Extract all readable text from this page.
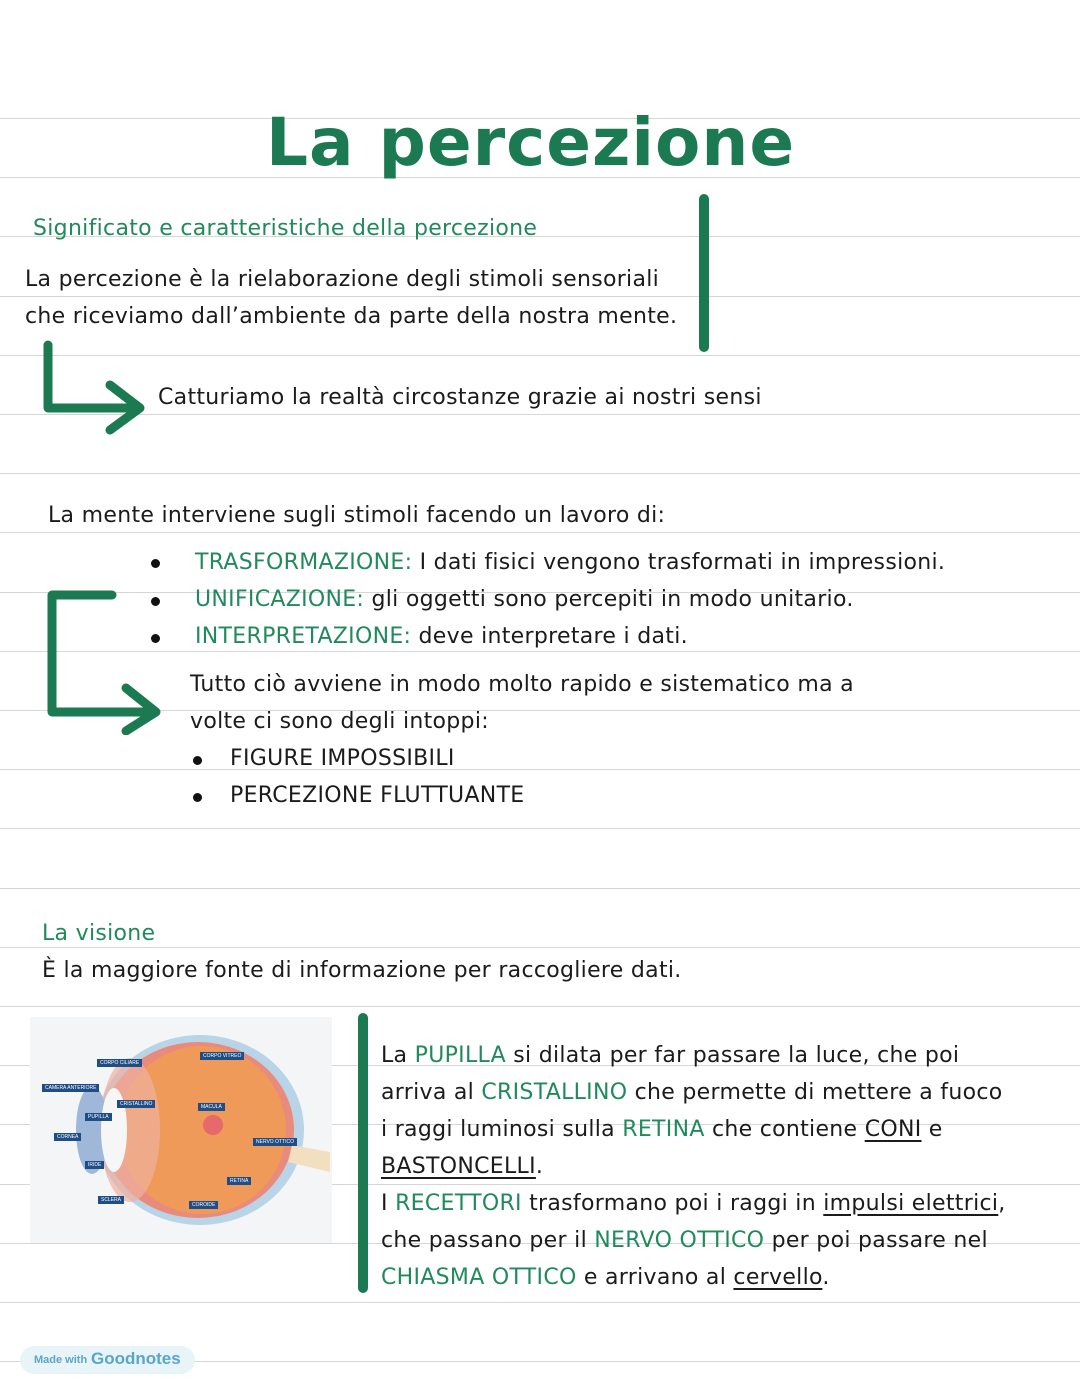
La percezione
Significato e caratteristiche della percezione
La percezione è la rielaborazione degli stimoli sensoriali
che riceviamo dall’ambiente da parte della nostra mente.
Catturiamo la realtà circostanze grazie ai nostri sensi
La mente interviene sugli stimoli facendo un lavoro di:
TRASFORMAZIONE: I dati fisici vengono trasformati in impressioni.
UNIFICAZIONE: gli oggetti sono percepiti in modo unitario.
INTERPRETAZIONE: deve interpretare i dati.
Tutto ciò avviene in modo molto rapido e sistematico ma a
volte ci sono degli intoppi:
FIGURE IMPOSSIBILI
PERCEZIONE FLUTTUANTE
La visione
È la maggiore fonte di informazione per raccogliere dati.
CORPO CILIARE
CORPO VITREO
CAMERA ANTERIORE
CRISTALLINO	MACULA
PUPILLA
CORNEA
NERVO OTTICO
IRIDE
RETINA
SCLERA
COROIDE
La PUPILLA si dilata per far passare la luce, che poi
arriva al CRISTALLINO che permette di mettere a fuoco
i raggi luminosi sulla RETINA che contiene CONI e
BASTONCELLI.
I RECETTORI trasformano poi i raggi in impulsi elettrici,
che passano per il NERVO OTTICO per poi passare nel
CHIASMA OTTICO e arrivano al cervello.
Made with Goodnotes
